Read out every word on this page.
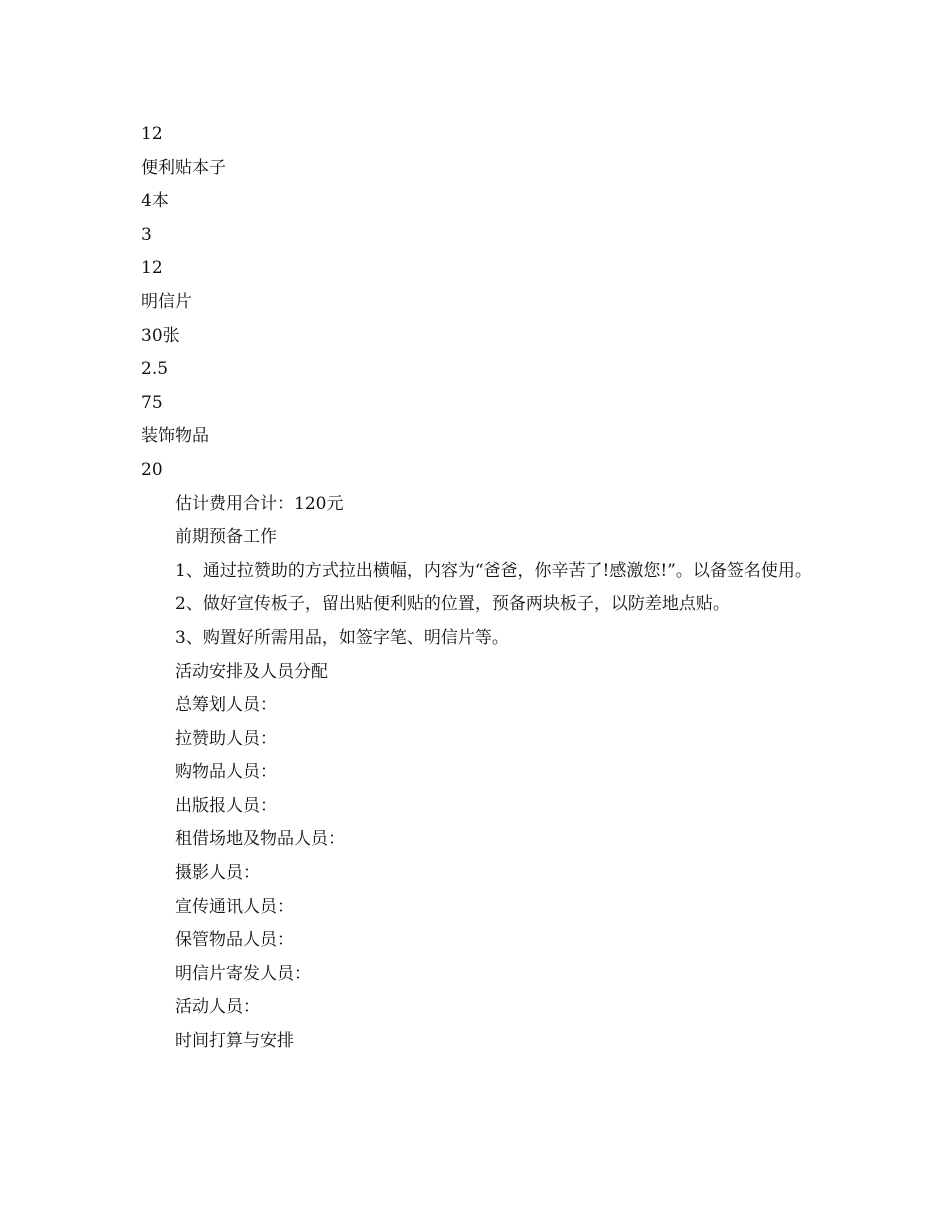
12
便利贴本子
4本
3
12
明信片
30张
2.5
75
装饰物品
20
估计费用合计：120元
前期预备工作
1、通过拉赞助的方式拉出横幅，内容为“爸爸，你辛苦了!感激您!”。以备签名使用。
2、做好宣传板子，留出贴便利贴的位置，预备两块板子，以防差地点贴。
3、购置好所需用品，如签字笔、明信片等。
活动安排及人员分配
总筹划人员：
拉赞助人员：
购物品人员：
出版报人员：
租借场地及物品人员：
摄影人员：
宣传通讯人员：
保管物品人员：
明信片寄发人员：
活动人员：
时间打算与安排
